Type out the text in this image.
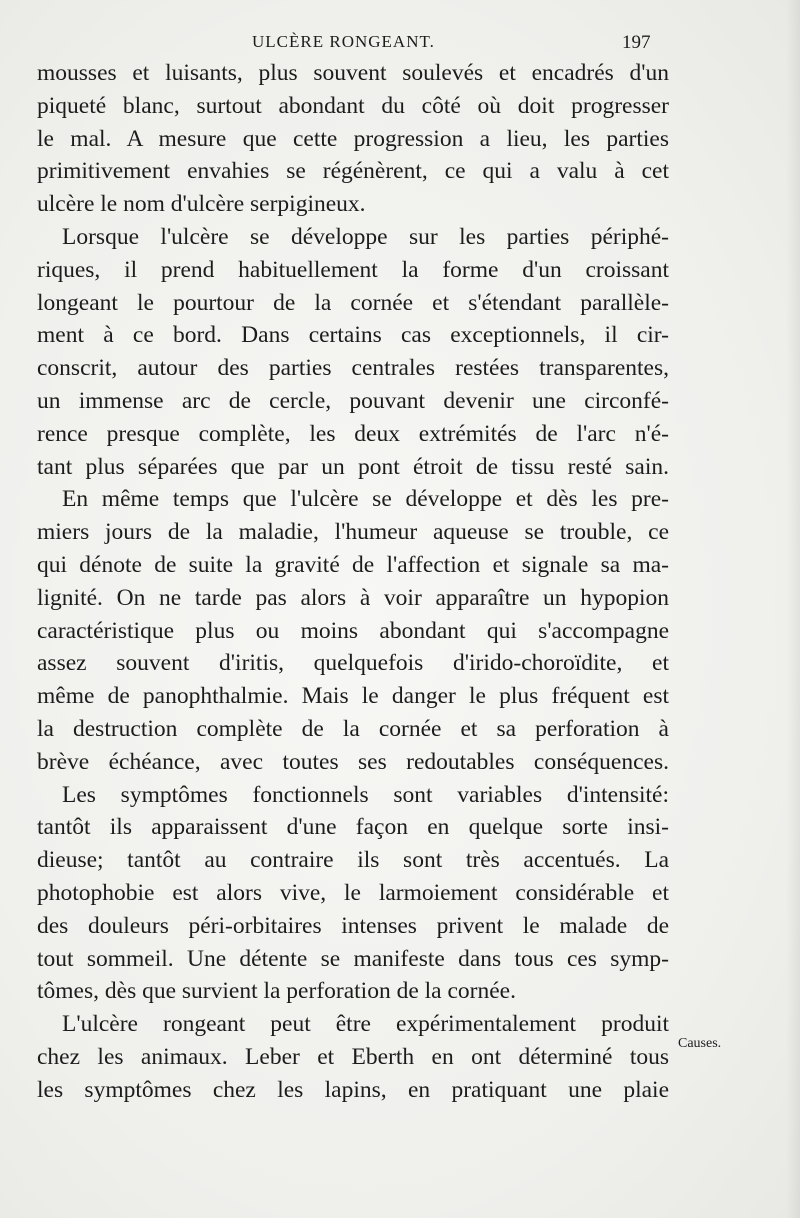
ULCÈRE RONGEANT.	197
mousses et luisants, plus souvent soulevés et encadrés d'un
piqueté blanc, surtout abondant du côté où doit progresser
le mal. A mesure que cette progression a lieu, les parties
primitivement envahies se régénèrent, ce qui a valu à cet
ulcère le nom d'ulcère serpigineux.
Lorsque l'ulcère se développe sur les parties périphé-
riques, il prend habituellement la forme d'un croissant
longeant le pourtour de la cornée et s'étendant parallèle-
ment à ce bord. Dans certains cas exceptionnels, il cir-
conscrit, autour des parties centrales restées transparentes,
un immense arc de cercle, pouvant devenir une circonfé-
rence presque complète, les deux extrémités de l'arc n'é-
tant plus séparées que par un pont étroit de tissu resté sain.
En même temps que l'ulcère se développe et dès les pre-
miers jours de la maladie, l'humeur aqueuse se trouble, ce
qui dénote de suite la gravité de l'affection et signale sa ma-
lignité. On ne tarde pas alors à voir apparaître un hypopion
caractéristique plus ou moins abondant qui s'accompagne
assez souvent d'iritis, quelquefois d'irido-choroïdite, et
même de panophthalmie. Mais le danger le plus fréquent est
la destruction complète de la cornée et sa perforation à
brève échéance, avec toutes ses redoutables conséquences.
Les symptômes fonctionnels sont variables d'intensité:
tantôt ils apparaissent d'une façon en quelque sorte insi-
dieuse; tantôt au contraire ils sont très accentués. La
photophobie est alors vive, le larmoiement considérable et
des douleurs péri-orbitaires intenses privent le malade de
tout sommeil. Une détente se manifeste dans tous ces symp-
tômes, dès que survient la perforation de la cornée.
L'ulcère rongeant peut être expérimentalement produit
chez les animaux. Leber et Eberth en ont déterminé tous
les symptômes chez les lapins, en pratiquant une plaie
Causes.
